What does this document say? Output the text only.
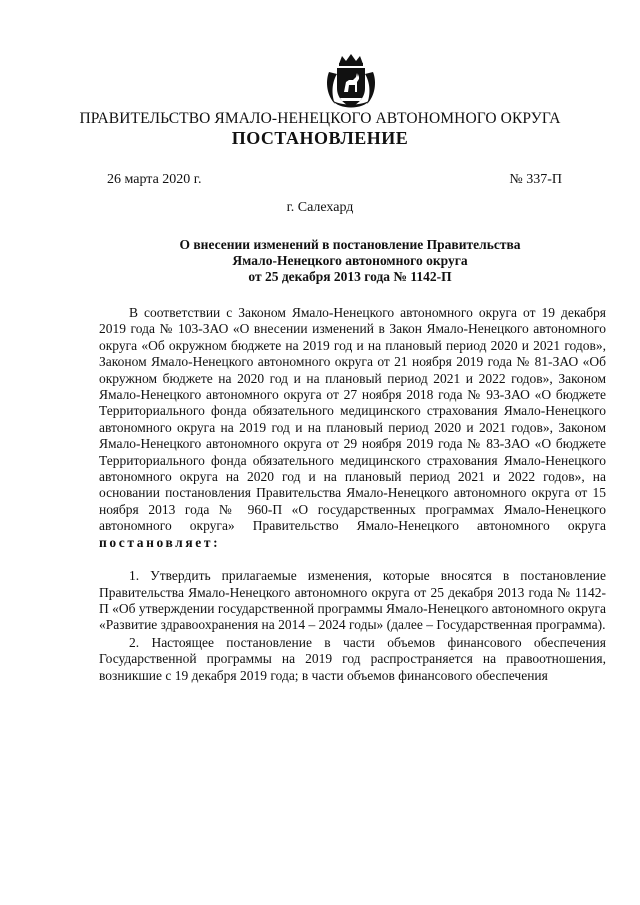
ПРАВИТЕЛЬСТВО ЯМАЛО-НЕНЕЦКОГО АВТОНОМНОГО ОКРУГА
ПОСТАНОВЛЕНИЕ
26 марта 2020 г.	№ 337-П
г. Салехард
О внесении изменений в постановление Правительства
Ямало-Ненецкого автономного округа
от 25 декабря 2013 года № 1142-П

В соответствии с Законом Ямало-Ненецкого автономного округа от 19 декабря 2019 года № 103-ЗАО «О внесении изменений в Закон Ямало-Ненецкого автономного округа «Об окружном бюджете на 2019 год и на плановый период 2020 и 2021 годов», Законом Ямало-Ненецкого автономного округа от 21 ноября 2019 года № 81-ЗАО «Об окружном бюджете на 2020 год и на плановый период 2021 и 2022 годов», Законом Ямало-Ненецкого автономного округа от 27 ноября 2018 года № 93-ЗАО «О бюджете Территориального фонда обязательного медицинского страхования Ямало-Ненецкого автономного округа на 2019 год и на плановый период 2020 и 2021 годов», Законом Ямало-Ненецкого автономного округа от 29 ноября 2019 года № 83-ЗАО «О бюджете Территориального фонда обязательного медицинского страхования Ямало-Ненецкого автономного округа на 2020 год и на плановый период 2021 и 2022 годов», на основании постановления Правительства Ямало-Ненецкого автономного округа от 15 ноября 2013 года № 960-П «О государственных программах Ямало-Ненецкого автономного округа» Правительство Ямало-Ненецкого автономного округа постановляет:

1. Утвердить прилагаемые изменения, которые вносятся в постановление Правительства Ямало-Ненецкого автономного округа от 25 декабря 2013 года № 1142-П «Об утверждении государственной программы Ямало-Ненецкого автономного округа «Развитие здравоохранения на 2014 – 2024 годы» (далее – Государственная программа).

2. Настоящее постановление в части объемов финансового обеспечения Государственной программы на 2019 год распространяется на правоотношения, возникшие с 19 декабря 2019 года; в части объемов финансового обеспечения
